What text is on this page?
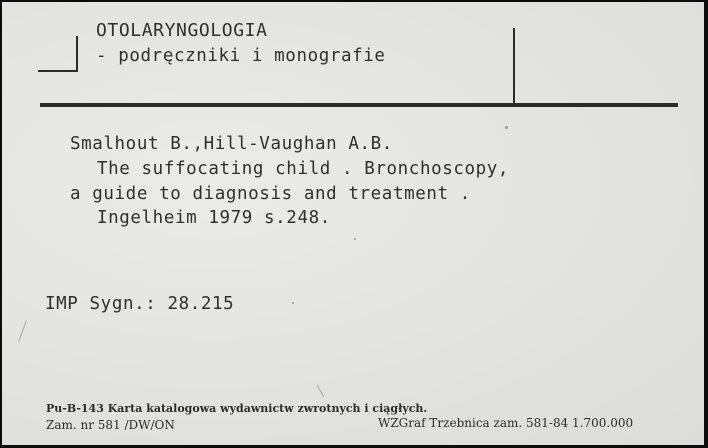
OTOLARYNGOLOGIA
- podręczniki i monografie
Smalhout B.,Hill-Vaughan A.B.
The suffocating child . Bronchoscopy,
a guide to diagnosis and treatment .
Ingelheim 1979 s.248.
IMP Sygn.: 28.215
Pu-B-143 Karta katalogowa wydawnictw zwrotnych i ciągłych.
Zam. nr 581 /DW/ON	WZGraf Trzebnica zam. 581-84 1.700.000
